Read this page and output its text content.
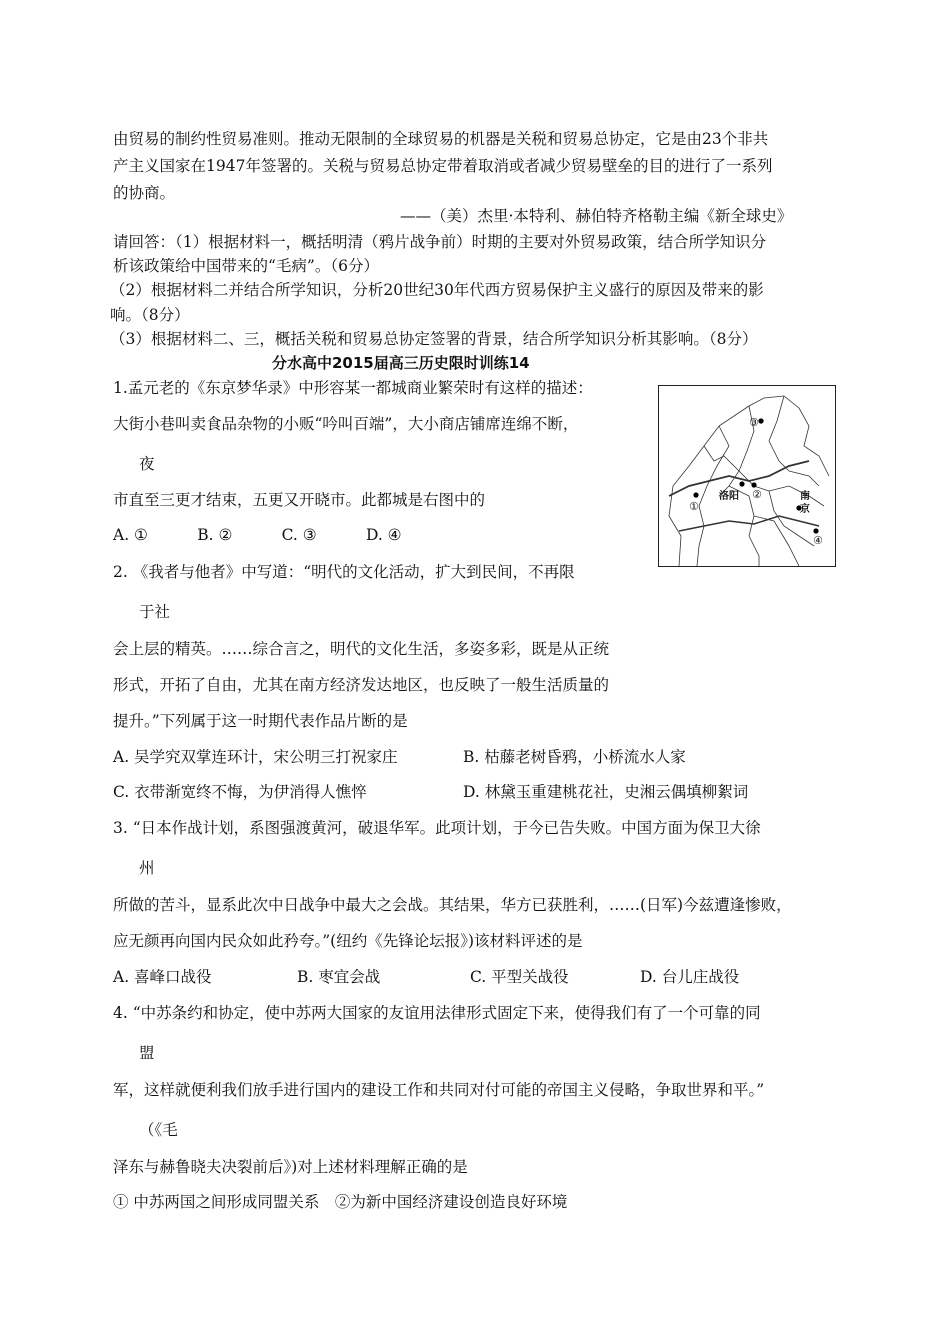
由贸易的制约性贸易准则。推动无限制的全球贸易的机器是关税和贸易总协定，它是由23个非共
产主义国家在1947年签署的。关税与贸易总协定带着取消或者减少贸易壁垒的目的进行了一系列
的协商。
——（美）杰里·本特利、赫伯特齐格勒主编《新全球史》
请回答：（1）根据材料一，概括明清（鸦片战争前）时期的主要对外贸易政策，结合所学知识分
析该政策给中国带来的“毛病”。（6分）
（2）根据材料二并结合所学知识，分析20世纪30年代西方贸易保护主义盛行的原因及带来的影
响。（8分）
（3）根据材料二、三，概括关税和贸易总协定签署的背景，结合所学知识分析其影响。（8分）
分水高中2015届高三历史限时训练14
1.孟元老的《东京梦华录》中形容某一都城商业繁荣时有这样的描述：
大街小巷叫卖食品杂物的小贩“吟叫百端”，大小商店铺席连绵不断，
夜
市直至三更才结束，五更又开晓市。此都城是右图中的
A. ①          B. ②          C. ③          D. ④
2. 《我者与他者》中写道：“明代的文化活动，扩大到民间，不再限
于社
会上层的精英。……综合言之，明代的文化生活，多姿多彩，既是从正统
形式，开拓了自由，尤其在南方经济发达地区，也反映了一般生活质量的
提升。”下列属于这一时期代表作品片断的是
A. 吴学究双掌连环计，宋公明三打祝家庄	B. 枯藤老树昏鸦，小桥流水人家
C. 衣带渐宽终不悔，为伊消得人憔悴	D. 林黛玉重建桃花社，史湘云偶填柳絮词
3. “日本作战计划，系图强渡黄河，破退华军。此项计划，于今已告失败。中国方面为保卫大徐
州
所做的苦斗，显系此次中日战争中最大之会战。其结果，华方已获胜利，……(日军)今兹遭逢惨败，
应无颜再向国内民众如此矜夸。”(纽约《先锋论坛报》)该材料评述的是
A. 喜峰口战役	B. 枣宜会战	C. 平型关战役	D. 台儿庄战役
4. “中苏条约和协定，使中苏两大国家的友谊用法律形式固定下来，使得我们有了一个可靠的同
盟
军，这样就便利我们放手进行国内的建设工作和共同对付可能的帝国主义侵略，争取世界和平。”
（《毛
泽东与赫鲁晓夫决裂前后》)对上述材料理解正确的是
① 中苏两国之间形成同盟关系　②为新中国经济建设创造良好环境
③
①
②
④
洛阳	南
京
